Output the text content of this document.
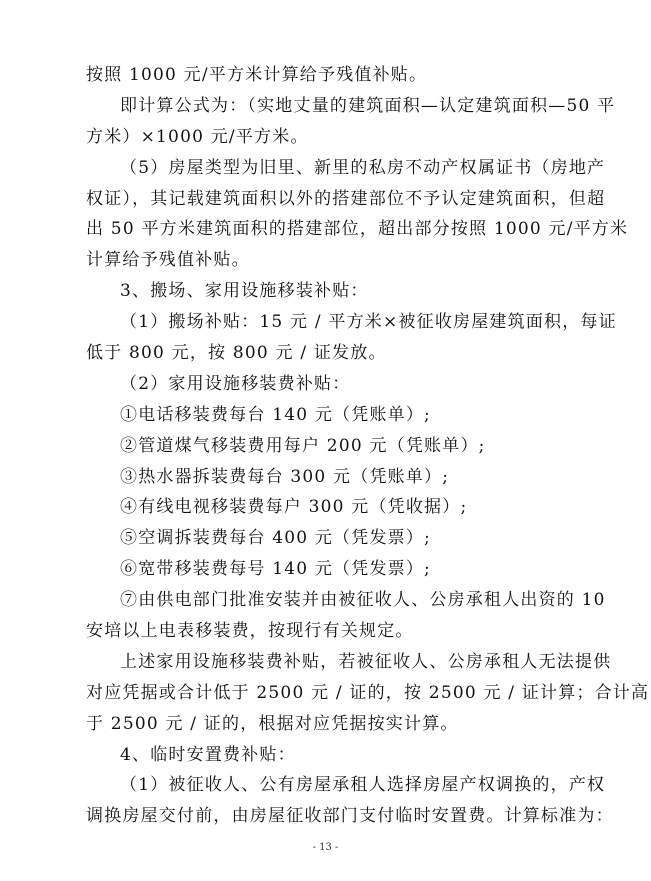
按照 1000 元/平方米计算给予残值补贴。
即计算公式为：（实地丈量的建筑面积—认定建筑面积—50 平
方米）×1000 元/平方米。
（5）房屋类型为旧里、新里的私房不动产权属证书（房地产
权证），其记载建筑面积以外的搭建部位不予认定建筑面积，但超
出 50 平方米建筑面积的搭建部位，超出部分按照 1000 元/平方米
计算给予残值补贴。
3、搬场、家用设施移装补贴：
（1）搬场补贴：15 元 / 平方米×被征收房屋建筑面积，每证
低于 800 元，按 800 元 / 证发放。
（2）家用设施移装费补贴：
①电话移装费每台 140 元（凭账单）;
②管道煤气移装费用每户 200 元（凭账单）;
③热水器拆装费每台 300 元（凭账单）;
④有线电视移装费每户 300 元（凭收据）;
⑤空调拆装费每台 400 元（凭发票）;
⑥宽带移装费每号 140 元（凭发票）;
⑦由供电部门批准安装并由被征收人、公房承租人出资的 10
安培以上电表移装费，按现行有关规定。
上述家用设施移装费补贴，若被征收人、公房承租人无法提供
对应凭据或合计低于 2500 元 / 证的，按 2500 元 / 证计算；合计高
于 2500 元 / 证的，根据对应凭据按实计算。
4、临时安置费补贴：
（1）被征收人、公有房屋承租人选择房屋产权调换的，产权
调换房屋交付前，由房屋征收部门支付临时安置费。计算标准为：
- 13 -
